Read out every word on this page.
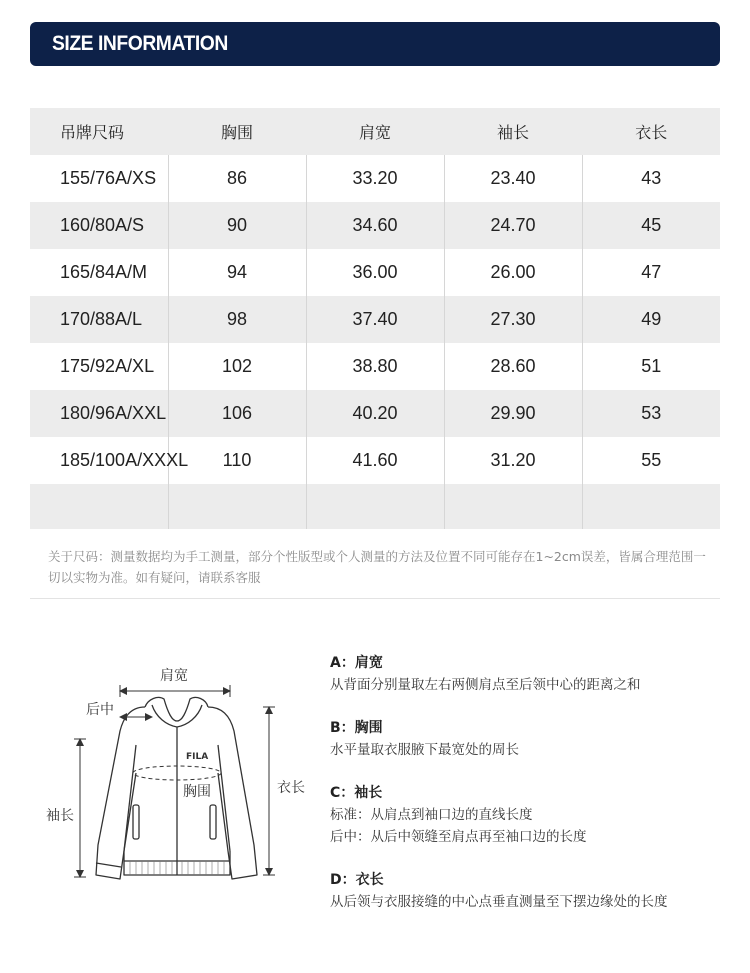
SIZE INFORMATION
吊牌尺码	胸围	肩宽	袖长	衣长
155/76A/XS	86	33.20	23.40	43
160/80A/S	90	34.60	24.70	45
165/84A/M	94	36.00	26.00	47
170/88A/L	98	37.40	27.30	49
175/92A/XL	102	38.80	28.60	51
180/96A/XXL	106	40.20	29.90	53
185/100A/XXXL	110	41.60	31.20	55

关于尺码：测量数据均为手工测量，部分个性版型或个人测量的方法及位置不同可能存在1~2cm误差，皆属合理范围一切以实物为准。如有疑问，请联系客服
肩宽
后中
FILA
胸围
袖长
衣长
A：肩宽
从背面分别量取左右两侧肩点至后领中心的距离之和
B：胸围
水平量取衣服腋下最宽处的周长
C：袖长
标准：从肩点到袖口边的直线长度
后中：从后中领缝至肩点再至袖口边的长度
D：衣长
从后领与衣服接缝的中心点垂直测量至下摆边缘处的长度
